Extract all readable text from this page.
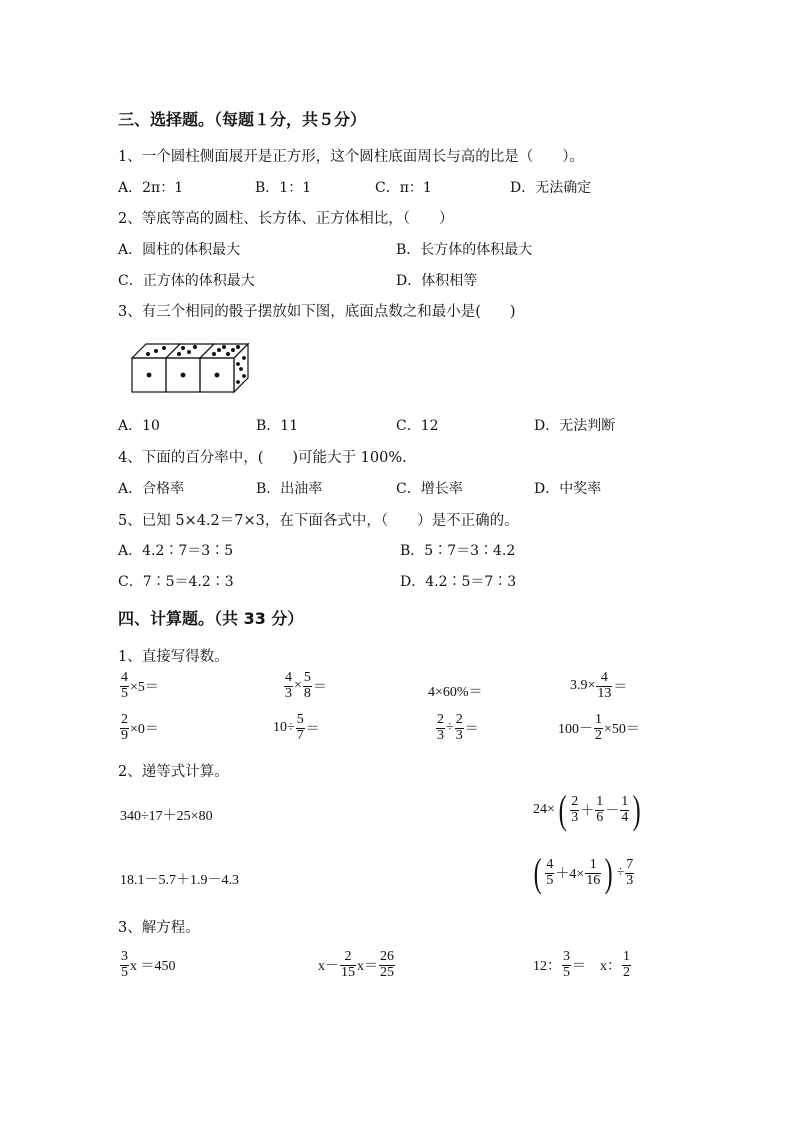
三、选择题。（每题１分，共５分）
1、一个圆柱侧面展开是正方形，这个圆柱底面周长与高的比是（　　）。
A．2π：1	B．1：1	C．π：1	D．无法确定
2、等底等高的圆柱、长方体、正方体相比，（　　）
A．圆柱的体积最大	B．长方体的体积最大
C．正方体的体积最大	D．体积相等
3、有三个相同的骰子摆放如下图，底面点数之和最小是(　　)
A．10	B．11	C．12	D．无法判断
4、下面的百分率中，(　　)可能大于 100%.
A．合格率	B．出油率	C．增长率	D．中奖率
5、已知 5×4.2＝7×3，在下面各式中，（　　）是不正确的。
A．4.2∶7＝3∶5	B．5∶7＝3∶4.2
C．7∶5＝4.2∶3	D．4.2∶5＝7∶3
四、计算题。（共 33 分）
1、直接写得数。
$\frac{4}{5} \times 5=$	$\frac{4}{3} \times \frac{5}{8}$ ＝	4×60%＝	$3.9\times \frac{4}{13}$ ＝
$\frac{2}{9} \times 0=$	$10\div \frac{5}{7}$ ＝	$\frac{2}{3} \div \frac{2}{3}$ ＝	$100- \frac{1}{2} \times 50=$
2、递等式计算。
340÷17＋25×80	24× ( $\frac{2}{3} + \frac{1}{6} - \frac{1}{4}$ )
18.1－5.7＋1.9－4.3	( $\frac{4}{5} +4\times \frac{1}{16}$ ) ÷ $\frac{7}{3}$
3、解方程。
$\frac{3}{5}$ x ＝450	$x- \frac{2}{15} x= \frac{26}{25}$	12： $\frac{3}{5}$ ＝　x： $\frac{1}{2}$
